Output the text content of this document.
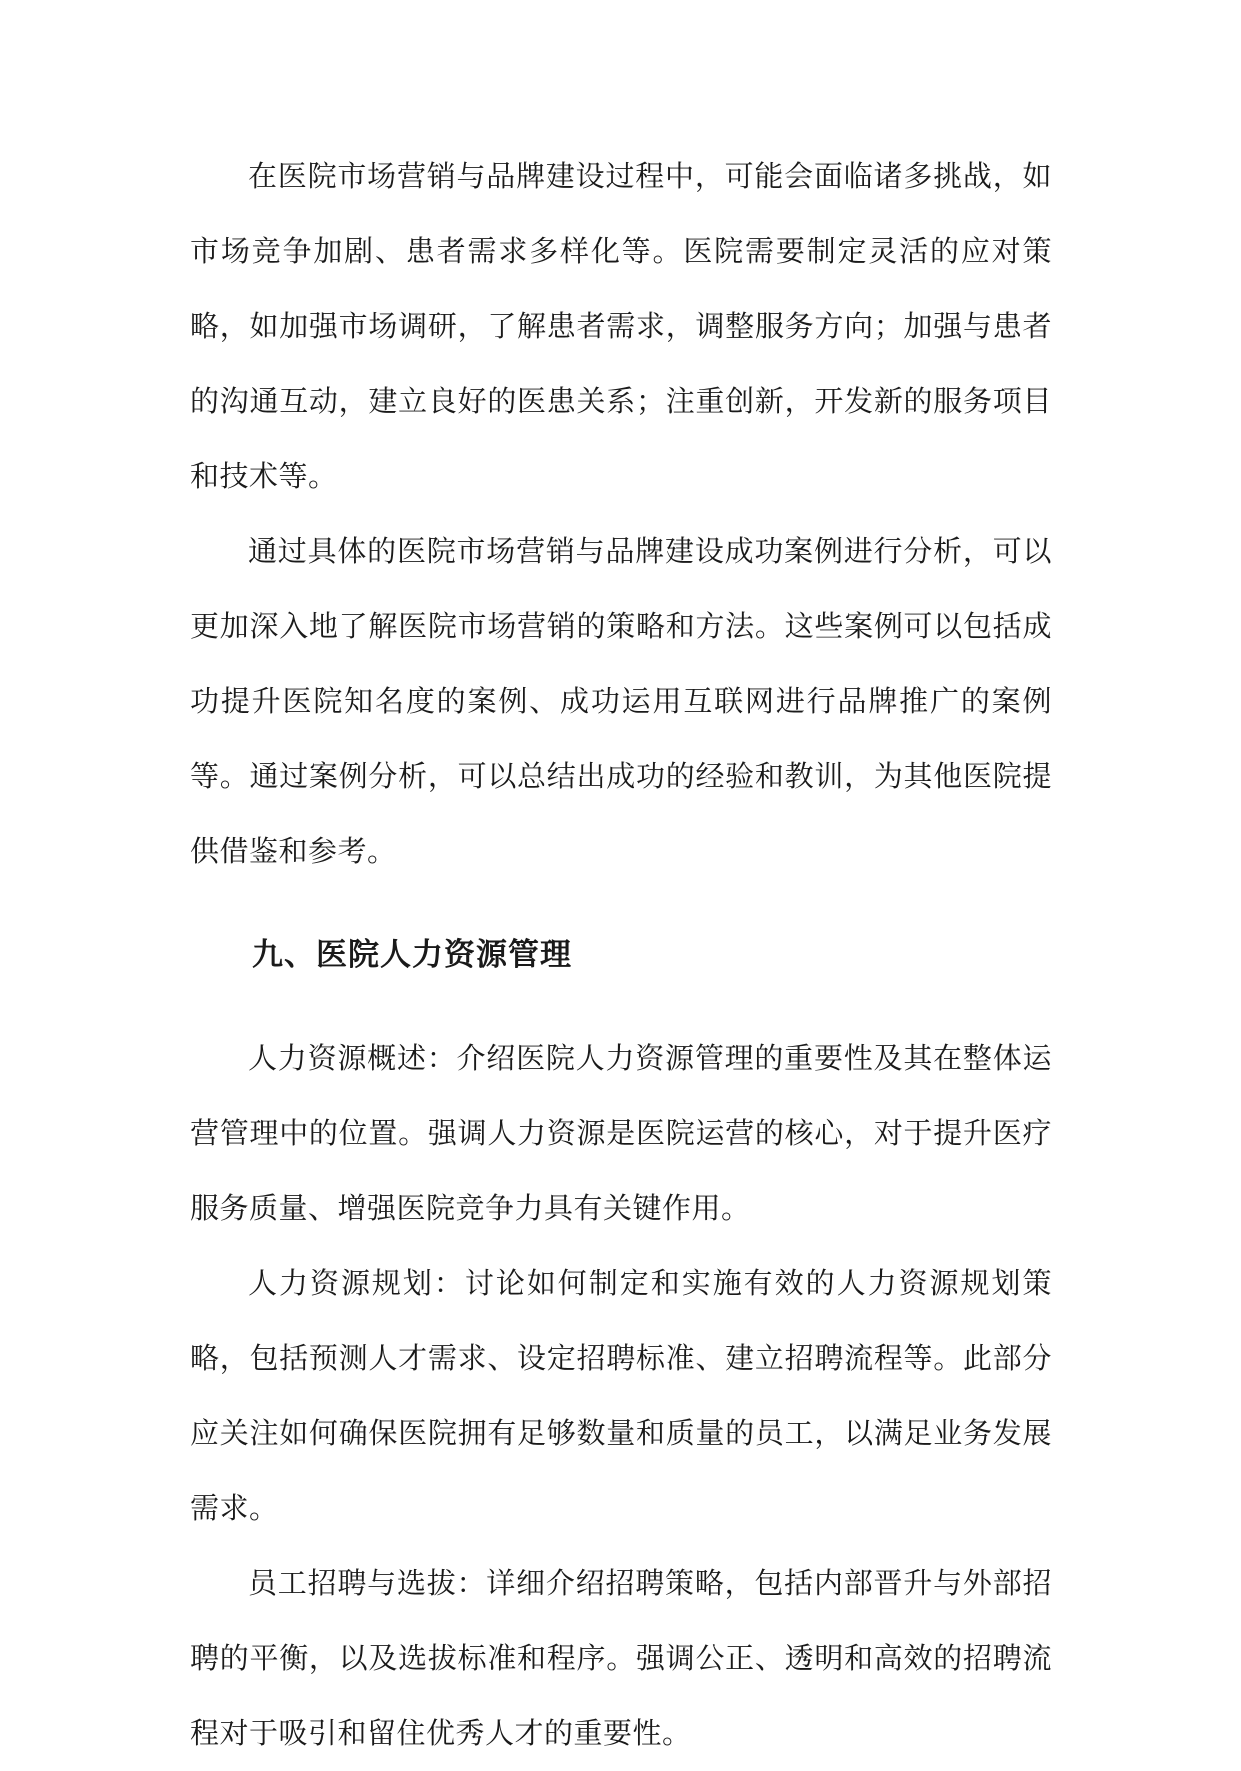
在医院市场营销与品牌建设过程中，可能会面临诸多挑战，如市场竞争加剧、患者需求多样化等。医院需要制定灵活的应对策略，如加强市场调研，了解患者需求，调整服务方向；加强与患者的沟通互动，建立良好的医患关系；注重创新，开发新的服务项目和技术等。

通过具体的医院市场营销与品牌建设成功案例进行分析，可以更加深入地了解医院市场营销的策略和方法。这些案例可以包括成功提升医院知名度的案例、成功运用互联网进行品牌推广的案例等。通过案例分析，可以总结出成功的经验和教训，为其他医院提供借鉴和参考。

九、医院人力资源管理

人力资源概述：介绍医院人力资源管理的重要性及其在整体运营管理中的位置。强调人力资源是医院运营的核心，对于提升医疗服务质量、增强医院竞争力具有关键作用。

人力资源规划：讨论如何制定和实施有效的人力资源规划策略，包括预测人才需求、设定招聘标准、建立招聘流程等。此部分应关注如何确保医院拥有足够数量和质量的员工，以满足业务发展需求。

员工招聘与选拔：详细介绍招聘策略，包括内部晋升与外部招聘的平衡，以及选拔标准和程序。强调公正、透明和高效的招聘流程对于吸引和留住优秀人才的重要性。
